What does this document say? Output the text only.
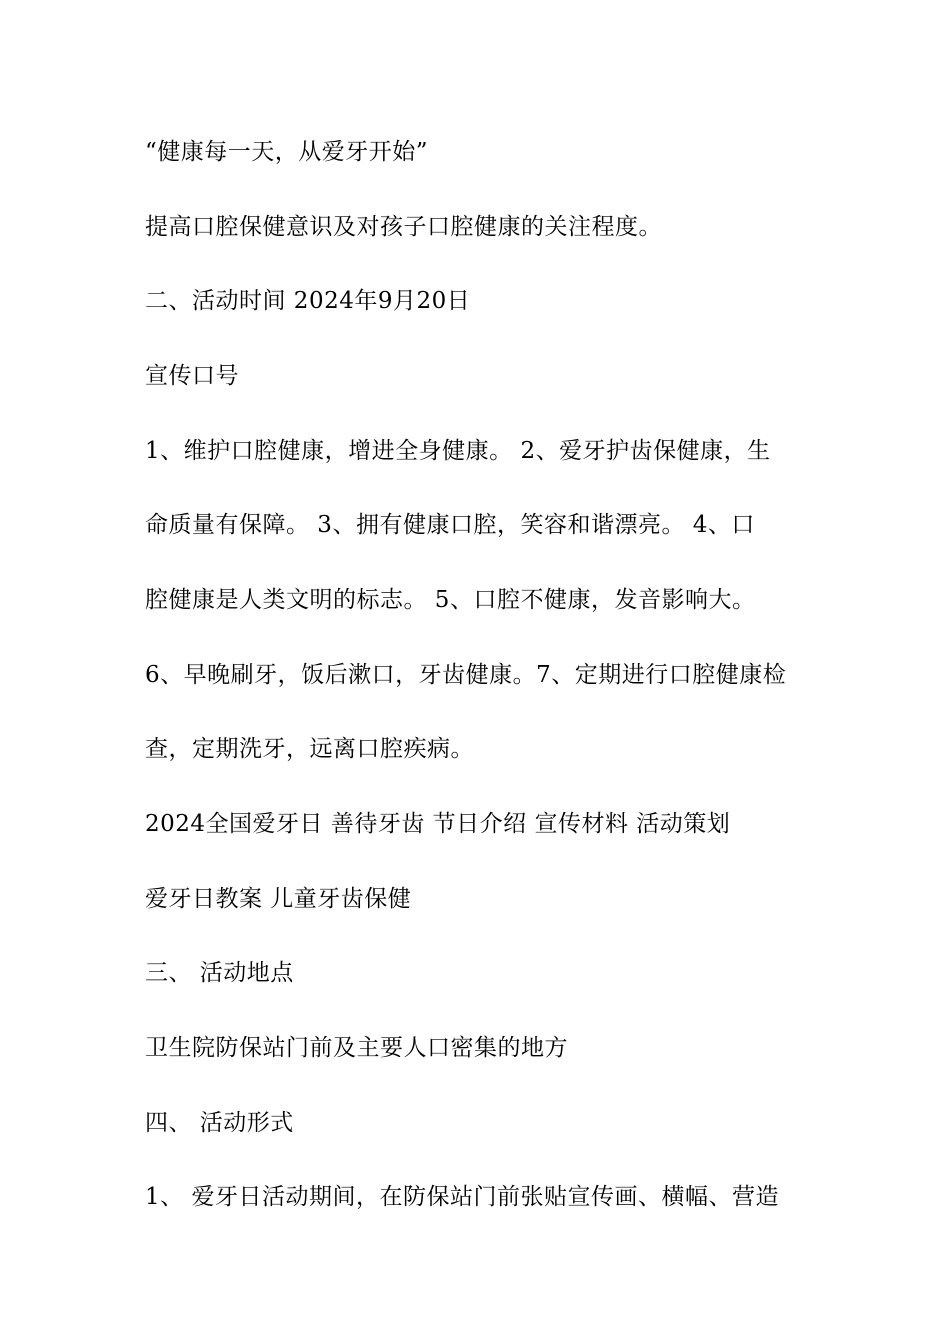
“健康每一天，从爱牙开始”
提高口腔保健意识及对孩子口腔健康的关注程度。
二、活动时间 2024年9月20日
宣传口号
1、维护口腔健康，增进全身健康。 2、爱牙护齿保健康，生
命质量有保障。 3、拥有健康口腔，笑容和谐漂亮。 4、口
腔健康是人类文明的标志。 5、口腔不健康，发音影响大。
6、早晚刷牙，饭后漱口，牙齿健康。7、定期进行口腔健康检
查，定期洗牙，远离口腔疾病。
2024全国爱牙日 善待牙齿 节日介绍 宣传材料 活动策划
爱牙日教案 儿童牙齿保健
三、 活动地点
卫生院防保站门前及主要人口密集的地方
四、 活动形式
1、 爱牙日活动期间，在防保站门前张贴宣传画、横幅、营造
